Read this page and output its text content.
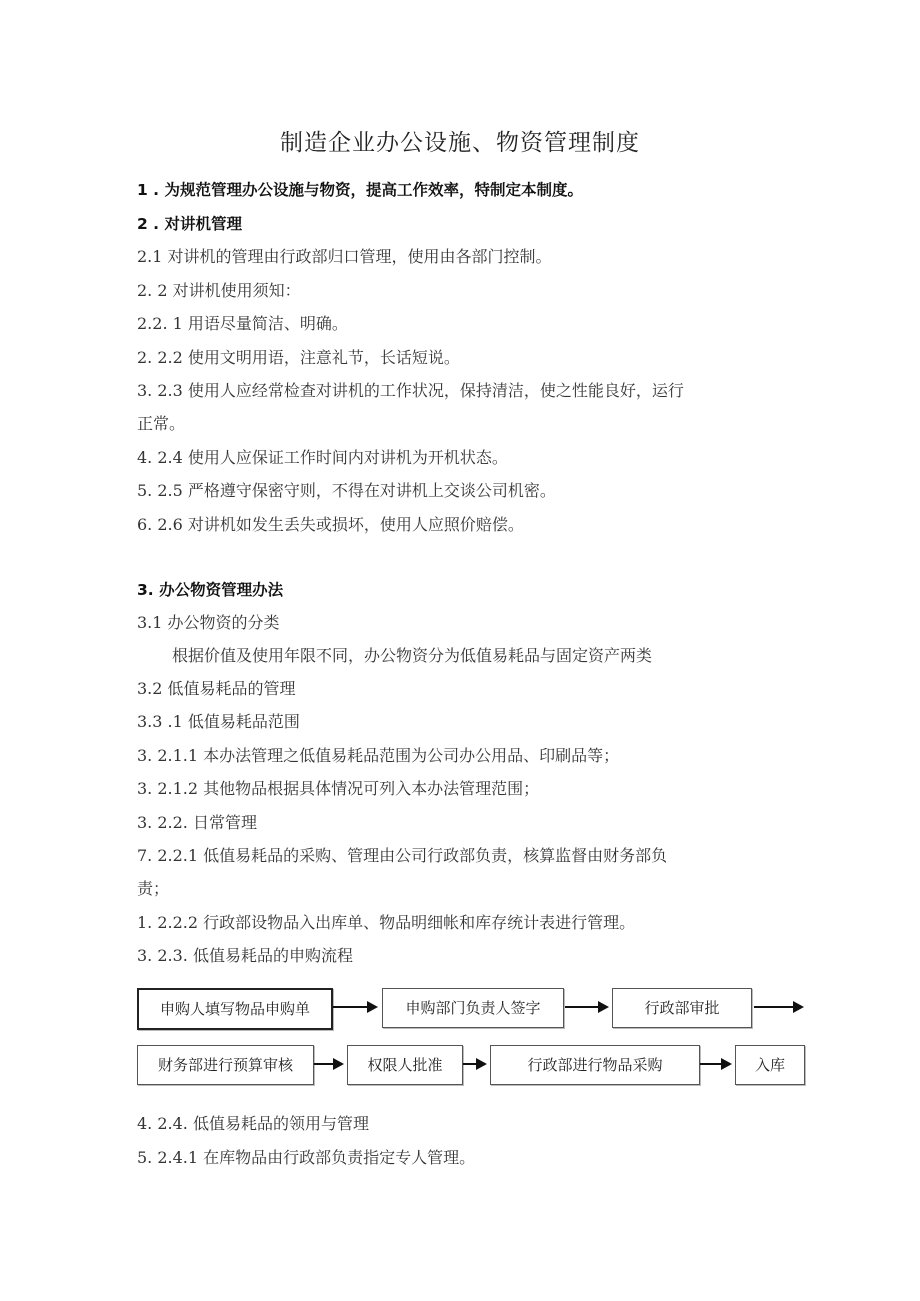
制造企业办公设施、物资管理制度
1 . 为规范管理办公设施与物资，提高工作效率，特制定本制度。
2 . 对讲机管理
2.1 对讲机的管理由行政部归口管理，使用由各部门控制。
2. 2 对讲机使用须知：
2.2. 1 用语尽量简洁、明确。
2. 2.2 使用文明用语，注意礼节，长话短说。
3. 2.3 使用人应经常检查对讲机的工作状况，保持清洁，使之性能良好，运行
正常。
4. 2.4 使用人应保证工作时间内对讲机为开机状态。
5. 2.5 严格遵守保密守则，不得在对讲机上交谈公司机密。
6. 2.6 对讲机如发生丢失或损坏，使用人应照价赔偿。
3. 办公物资管理办法
3.1 办公物资的分类
根据价值及使用年限不同，办公物资分为低值易耗品与固定资产两类
3.2 低值易耗品的管理
3.3 .1 低值易耗品范围
3. 2.1.1 本办法管理之低值易耗品范围为公司办公用品、印刷品等；
3. 2.1.2 其他物品根据具体情况可列入本办法管理范围；
3. 2.2. 日常管理
7. 2.2.1 低值易耗品的采购、管理由公司行政部负责，核算监督由财务部负
责；
1. 2.2.2 行政部设物品入出库单、物品明细帐和库存统计表进行管理。
3. 2.3. 低值易耗品的申购流程
申购人填写物品申购单	申购部门负责人签字	行政部审批
财务部进行预算审核	权限人批准	行政部进行物品采购	入库
4. 2.4. 低值易耗品的领用与管理
5. 2.4.1 在库物品由行政部负责指定专人管理。
